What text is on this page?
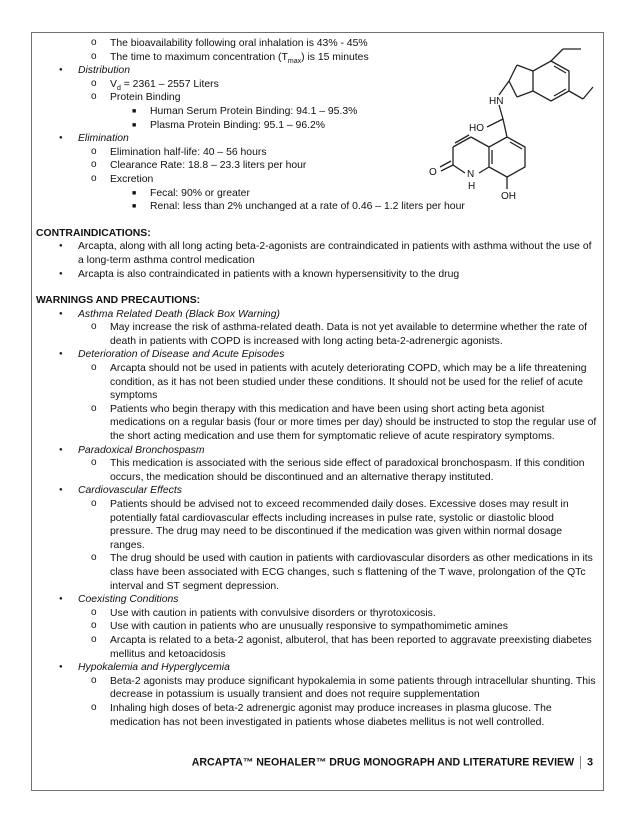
HN
HO
O	N
H
OH
o The bioavailability following oral inhalation is 43% - 45%
o The time to maximum concentration $(T_{max})$ is 15 minutes
● Distribution
o $V_d = 2361 - 2557$ Liters
o Protein Binding
■ Human Serum Protein Binding: 94.1 – 95.3%
■ Plasma Protein Binding: 95.1 – 96.2%
● Elimination
o Elimination half-life: 40 – 56 hours
o Clearance Rate: 18.8 – 23.3 liters per hour
o Excretion
■ Fecal: 90% or greater
■ Renal: less than 2% unchanged at a rate of 0.46 – 1.2 liters per hour
CONTRAINDICATIONS:
● Arcapta, along with all long acting beta-2-agonists are contraindicated in patients with asthma without the use of a long-term asthma control medication
● Arcapta is also contraindicated in patients with a known hypersensitivity to the drug
WARNINGS AND PRECAUTIONS:
● Asthma Related Death (Black Box Warning)
o May increase the risk of asthma-related death. Data is not yet available to determine whether the rate of death in patients with COPD is increased with long acting beta-2-adrenergic agonists.
● Deterioration of Disease and Acute Episodes
o Arcapta should not be used in patients with acutely deteriorating COPD, which may be a life threatening condition, as it has not been studied under these conditions. It should not be used for the relief of acute symptoms
o Patients who begin therapy with this medication and have been using short acting beta agonist medications on a regular basis (four or more times per day) should be instructed to stop the regular use of the short acting medication and use them for symptomatic relieve of acute respiratory symptoms.
● Paradoxical Bronchospasm
o This medication is associated with the serious side effect of paradoxical bronchospasm. If this condition occurs, the medication should be discontinued and an alternative therapy instituted.
● Cardiovascular Effects
o Patients should be advised not to exceed recommended daily doses. Excessive doses may result in potentially fatal cardiovascular effects including increases in pulse rate, systolic or diastolic blood pressure. The drug may need to be discontinued if the medication was given within normal dosage ranges.
o The drug should be used with caution in patients with cardiovascular disorders as other medications in its class have been associated with ECG changes, such s flattening of the T wave, prolongation of the QTc interval and ST segment depression.
● Coexisting Conditions
o Use with caution in patients with convulsive disorders or thyrotoxicosis.
o Use with caution in patients who are unusually responsive to sympathomimetic amines
o Arcapta is related to a beta-2 agonist, albuterol, that has been reported to aggravate preexisting diabetes mellitus and ketoacidosis
● Hypokalemia and Hyperglycemia
o Beta-2 agonists may produce significant hypokalemia in some patients through intracellular shunting. This decrease in potassium is usually transient and does not require supplementation
o Inhaling high doses of beta-2 adrenergic agonist may produce increases in plasma glucose. The medication has not been investigated in patients whose diabetes mellitus is not well controlled.
ARCAPTA™ NEOHALER™ DRUG MONOGRAPH AND LITERATURE REVIEW 3
